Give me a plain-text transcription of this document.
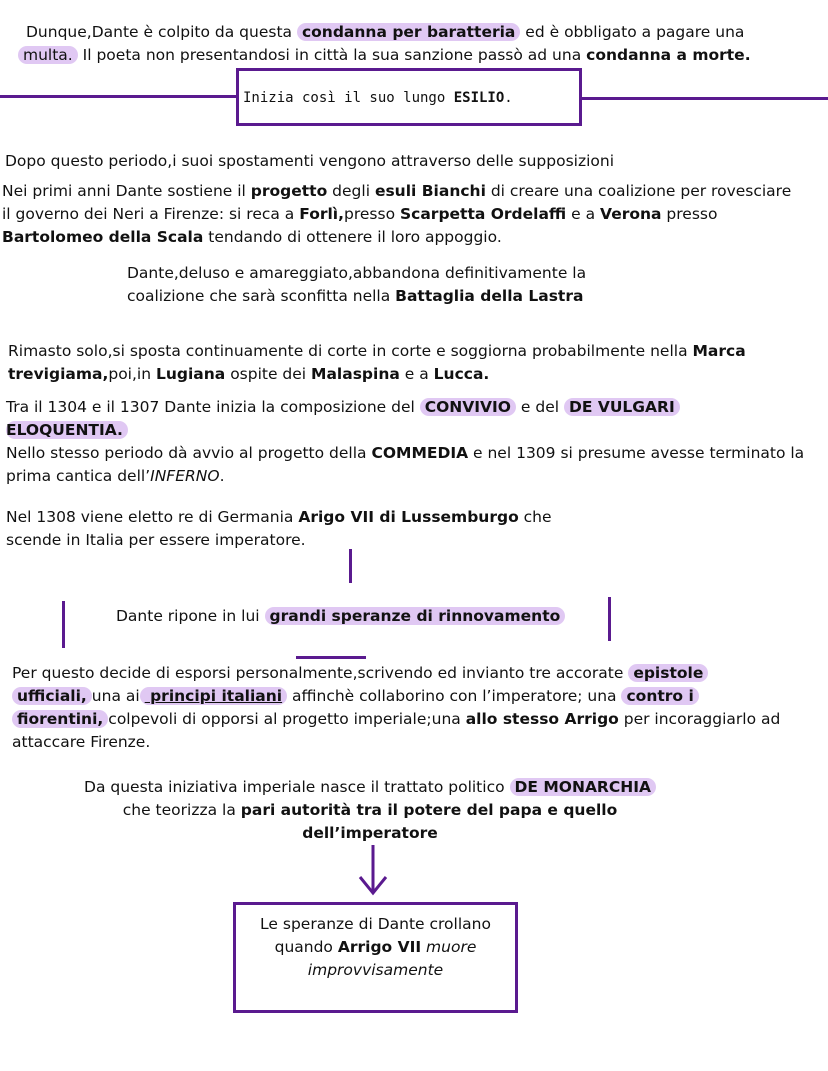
Dunque,Dante è colpito da questa condanna per baratteria ed è obbligato a pagare una multa. Il poeta non presentandosi in città la sua sanzione passò ad una condanna a morte.
Inizia così il suo lungo ESILIO.
Dopo questo periodo,i suoi spostamenti vengono attraverso delle supposizioni
Nei primi anni Dante sostiene il progetto degli esuli Bianchi di creare una coalizione per rovesciare il governo dei Neri a Firenze: si reca a Forlì,presso Scarpetta Ordelaffi e a Verona presso Bartolomeo della Scala tendando di ottenere il loro appoggio.
Dante,deluso e amareggiato,abbandona definitivamente la coalizione che sarà sconfitta nella Battaglia della Lastra
Rimasto solo,si sposta continuamente di corte in corte e soggiorna probabilmente nella Marca trevigiama,poi,in Lugiana ospite dei Malaspina e a Lucca.
Tra il 1304 e il 1307 Dante inizia la composizione del CONVIVIO e del DE VULGARI
ELOQUENTIA.
Nello stesso periodo dà avvio al progetto della COMMEDIA e nel 1309 si presume avesse terminato la prima cantica dell’INFERNO.
Nel 1308 viene eletto re di Germania Arigo VII di Lussemburgo che scende in Italia per essere imperatore.
Dante ripone in lui grandi speranze di rinnovamento
Per questo decide di esporsi personalmente,scrivendo ed invianto tre accorate epistole ufficiali, una ai principi italiani affinchè collaborino con l’imperatore; una contro i fiorentini, colpevoli di opporsi al progetto imperiale;una allo stesso Arrigo per incoraggiarlo ad attaccare Firenze.
Da questa iniziativa imperiale nasce il trattato politico DE MONARCHIA
che teorizza la pari autorità tra il potere del papa e quello dell’imperatore
Le speranze di Dante crollano
quando Arrigo VII muore
improvvisamente
